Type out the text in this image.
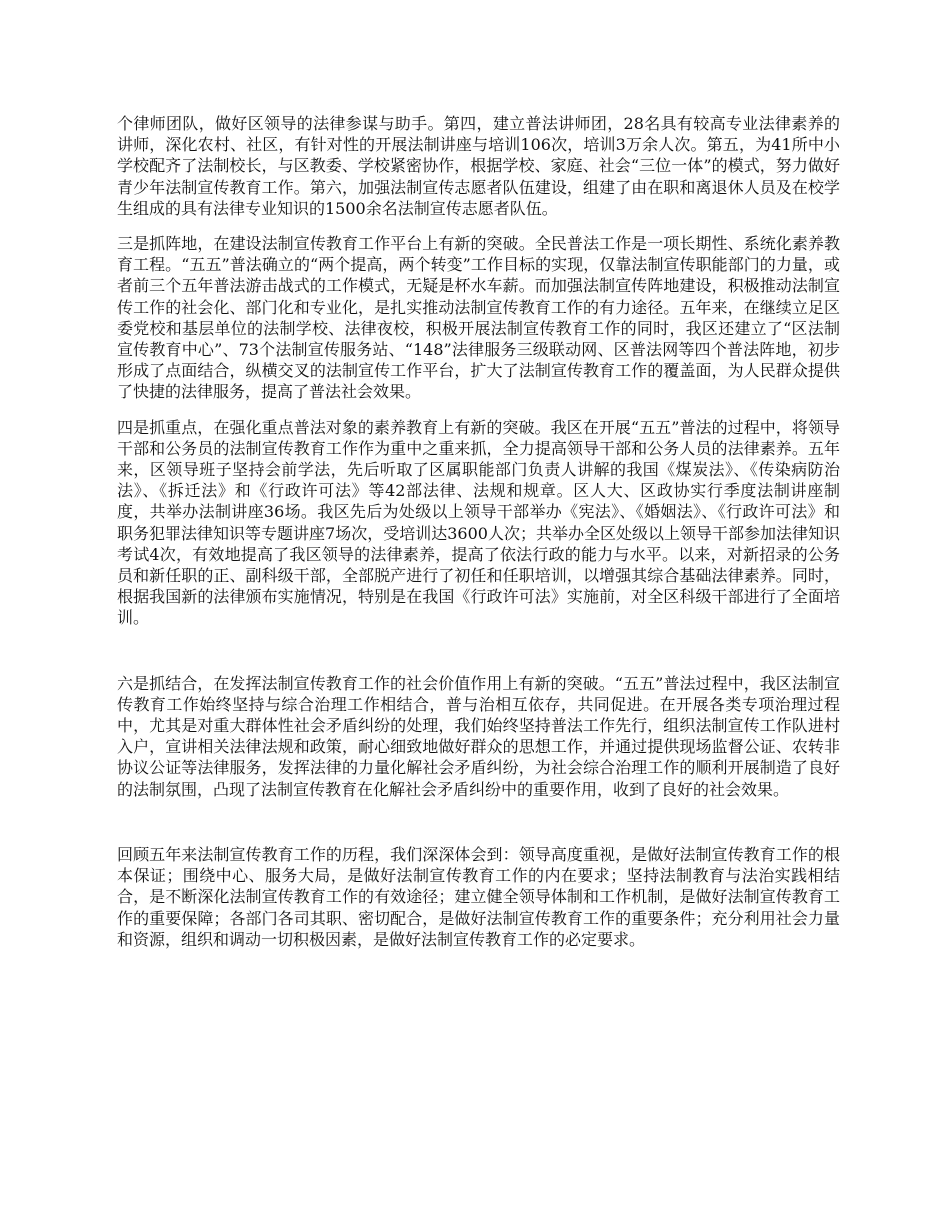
个律师团队，做好区领导的法律参谋与助手。第四，建立普法讲师团，28名具有较高专业法律素养的讲师，深化农村、社区，有针对性的开展法制讲座与培训106次，培训3万余人次。第五，为41所中小学校配齐了法制校长，与区教委、学校紧密协作，根据学校、家庭、社会“三位一体”的模式，努力做好青少年法制宣传教育工作。第六，加强法制宣传志愿者队伍建设，组建了由在职和离退休人员及在校学生组成的具有法律专业知识的1500余名法制宣传志愿者队伍。

三是抓阵地，在建设法制宣传教育工作平台上有新的突破。全民普法工作是一项长期性、系统化素养教育工程。“五五”普法确立的“两个提高，两个转变”工作目标的实现，仅靠法制宣传职能部门的力量，或者前三个五年普法游击战式的工作模式，无疑是杯水车薪。而加强法制宣传阵地建设，积极推动法制宣传工作的社会化、部门化和专业化，是扎实推动法制宣传教育工作的有力途径。五年来，在继续立足区委党校和基层单位的法制学校、法律夜校，积极开展法制宣传教育工作的同时，我区还建立了“区法制宣传教育中心”、73个法制宣传服务站、“148”法律服务三级联动网、区普法网等四个普法阵地，初步形成了点面结合，纵横交叉的法制宣传工作平台，扩大了法制宣传教育工作的覆盖面，为人民群众提供了快捷的法律服务，提高了普法社会效果。

四是抓重点，在强化重点普法对象的素养教育上有新的突破。我区在开展“五五”普法的过程中，将领导干部和公务员的法制宣传教育工作作为重中之重来抓，全力提高领导干部和公务人员的法律素养。五年来，区领导班子坚持会前学法，先后听取了区属职能部门负责人讲解的我国《煤炭法》、《传染病防治法》、《拆迁法》和《行政许可法》等42部法律、法规和规章。区人大、区政协实行季度法制讲座制度，共举办法制讲座36场。我区先后为处级以上领导干部举办《宪法》、《婚姻法》、《行政许可法》和职务犯罪法律知识等专题讲座7场次，受培训达3600人次；共举办全区处级以上领导干部参加法律知识考试4次，有效地提高了我区领导的法律素养，提高了依法行政的能力与水平。以来，对新招录的公务员和新任职的正、副科级干部，全部脱产进行了初任和任职培训，以增强其综合基础法律素养。同时，根据我国新的法律颁布实施情况，特别是在我国《行政许可法》实施前，对全区科级干部进行了全面培训。

六是抓结合，在发挥法制宣传教育工作的社会价值作用上有新的突破。“五五”普法过程中，我区法制宣传教育工作始终坚持与综合治理工作相结合，普与治相互依存，共同促进。在开展各类专项治理过程中，尤其是对重大群体性社会矛盾纠纷的处理，我们始终坚持普法工作先行，组织法制宣传工作队进村入户，宣讲相关法律法规和政策，耐心细致地做好群众的思想工作，并通过提供现场监督公证、农转非协议公证等法律服务，发挥法律的力量化解社会矛盾纠纷，为社会综合治理工作的顺利开展制造了良好的法制氛围，凸现了法制宣传教育在化解社会矛盾纠纷中的重要作用，收到了良好的社会效果。

回顾五年来法制宣传教育工作的历程，我们深深体会到：领导高度重视，是做好法制宣传教育工作的根本保证；围绕中心、服务大局，是做好法制宣传教育工作的内在要求；坚持法制教育与法治实践相结合，是不断深化法制宣传教育工作的有效途径；建立健全领导体制和工作机制，是做好法制宣传教育工作的重要保障；各部门各司其职、密切配合，是做好法制宣传教育工作的重要条件；充分利用社会力量和资源，组织和调动一切积极因素，是做好法制宣传教育工作的必定要求。
